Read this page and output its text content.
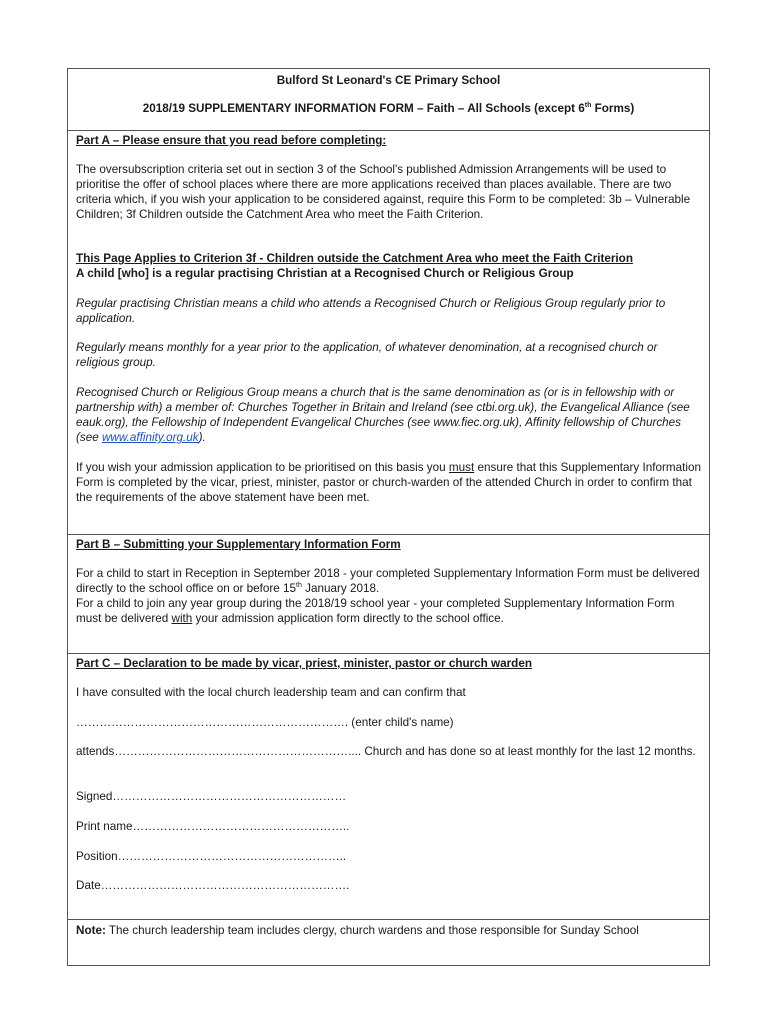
Bulford St Leonard's CE Primary School

2018/19 SUPPLEMENTARY INFORMATION FORM – Faith – All Schools (except 6th Forms)

Part A – Please ensure that you read before completing:

The oversubscription criteria set out in section 3 of the School's published Admission Arrangements will be used to prioritise the offer of school places where there are more applications received than places available. There are two criteria which, if you wish your application to be considered against, require this Form to be completed: 3b – Vulnerable Children; 3f Children outside the Catchment Area who meet the Faith Criterion.

This Page Applies to Criterion 3f - Children outside the Catchment Area who meet the Faith Criterion

A child [who] is a regular practising Christian at a Recognised Church or Religious Group

Regular practising Christian means a child who attends a Recognised Church or Religious Group regularly prior to application.

Regularly means monthly for a year prior to the application, of whatever denomination, at a recognised church or religious group.

Recognised Church or Religious Group means a church that is the same denomination as (or is in fellowship with or partnership with) a member of: Churches Together in Britain and Ireland (see ctbi.org.uk), the Evangelical Alliance (see eauk.org), the Fellowship of Independent Evangelical Churches (see www.fiec.org.uk), Affinity fellowship of Churches (see www.affinity.org.uk).

If you wish your admission application to be prioritised on this basis you must ensure that this Supplementary Information Form is completed by the vicar, priest, minister, pastor or church-warden of the attended Church in order to confirm that the requirements of the above statement have been met.

Part B – Submitting your Supplementary Information Form

For a child to start in Reception in September 2018 - your completed Supplementary Information Form must be delivered directly to the school office on or before 15th January 2018.

For a child to join any year group during the 2018/19 school year - your completed Supplementary Information Form must be delivered with your admission application form directly to the school office.

Part C – Declaration to be made by vicar, priest, minister, pastor or church warden

I have consulted with the local church leadership team and can confirm that

……………………………………………………………. (enter child's name)

attends…………………………………………………….... Church and has done so at least monthly for the last 12 months.

Signed……………………………………………………

Print name………………………………………………..

Position…………………………………………………..

Date……………………………………………………….

Note: The church leadership team includes clergy, church wardens and those responsible for Sunday School
